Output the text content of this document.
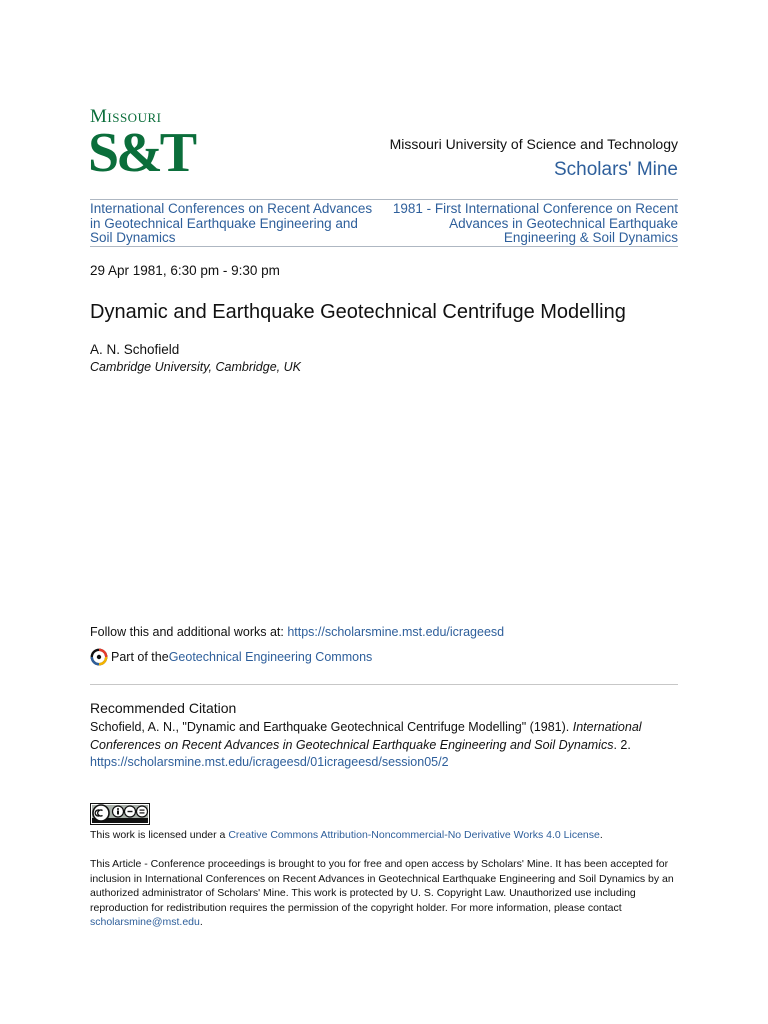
Missouri
S&T	Missouri University of Science and Technology
Scholars' Mine
International Conferences on Recent Advances in Geotechnical Earthquake Engineering and Soil Dynamics
1981 - First International Conference on Recent Advances in Geotechnical Earthquake Engineering & Soil Dynamics
29 Apr 1981, 6:30 pm - 9:30 pm
Dynamic and Earthquake Geotechnical Centrifuge Modelling
A. N. Schofield
Cambridge University, Cambridge, UK
Follow this and additional works at: https://scholarsmine.mst.edu/icrageesd
Part of the Geotechnical Engineering Commons
Recommended Citation
Schofield, A. N., "Dynamic and Earthquake Geotechnical Centrifuge Modelling" (1981). International Conferences on Recent Advances in Geotechnical Earthquake Engineering and Soil Dynamics. 2.
https://scholarsmine.mst.edu/icrageesd/01icrageesd/session05/2
This work is licensed under a Creative Commons Attribution-Noncommercial-No Derivative Works 4.0 License.
This Article - Conference proceedings is brought to you for free and open access by Scholars' Mine. It has been accepted for inclusion in International Conferences on Recent Advances in Geotechnical Earthquake Engineering and Soil Dynamics by an authorized administrator of Scholars' Mine. This work is protected by U. S. Copyright Law. Unauthorized use including reproduction for redistribution requires the permission of the copyright holder. For more information, please contact scholarsmine@mst.edu.
